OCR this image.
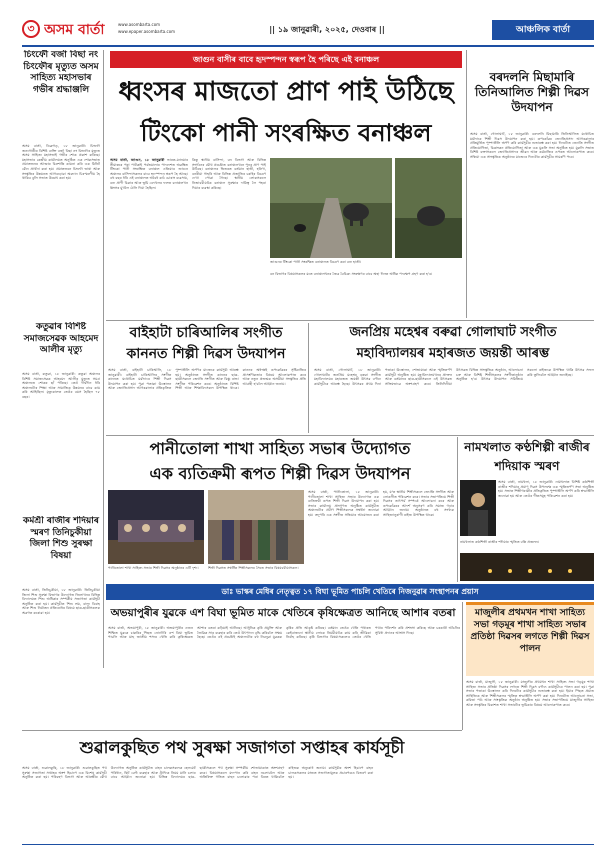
৩ অসম বাৰ্তা	www.asombarta.com
www.epaper.asombarta.com	|| ১৯ জানুৱাৰী, ২০২৫, দেওবাৰ ||	আঞ্চলিক বাৰ্তা
চিংফৌ বৰ্জা বিছা নং চিংফৌৰ মৃত্যুত অসম সাহিত্য মহাসভাৰ গভীৰ শ্ৰদ্ধাঞ্জলি
অসম বাৰ্তা, ডিব্ৰুগড়, ১৮ জানুৱাৰী: চিংফৌ জনগোষ্ঠীৰ বিশিষ্ট ব্যক্তি বৰ্জা বিছা নং চিংফৌৰ মৃত্যুত অসম সাহিত্য মহাসভাই গভীৰ শোক প্ৰকাশ কৰিছে। মহাসভাৰ কেন্দ্ৰীয় কাৰ্যালয়ত অনুষ্ঠিত এক শোকসভাত প্ৰয়াতজনৰ আত্মাৰ চিৰশান্তি কামনা কৰি এক মিনিট মৌন প্ৰাৰ্থনা কৰা হয়। প্ৰয়াতজনে চিংফৌ ভাষা আৰু সংস্কৃতিৰ উন্নয়নত আগবঢ়োৱা অৱদান চিৰস্মৰণীয় হৈ থাকিব বুলি সভাত উল্লেখ কৰা হয়।
কতুৱাৰ বিশিষ্ট সমাজসেৱক আহমেদ আলীৰ মৃত্যু
অসম বাৰ্তা, কতুৱা, ১৮ জানুৱাৰী: কতুৱা অঞ্চলৰ বিশিষ্ট সমাজসেৱক আহমেদ আলীৰ মৃত্যুত সমগ্ৰ অঞ্চলতে শোকৰ ছাঁ পৰিছে। তেওঁ দীৰ্ঘদিন ধৰি অঞ্চলটোৰ শিক্ষা আৰু সামাজিক উন্নয়নৰ বাবে কাম কৰি আহিছিল। মৃত্যুকালত তেওঁৰ বয়স হৈছিল ৭৮ বছৰ।
কৰ্মশ্ৰী ৰাজীৰ শদিয়াৰ স্মৰণ তিনিচুকীয়া জিলা শিশু সুৰক্ষা বিষয়া
অসম বাৰ্তা, তিনিচুকীয়া, ১৮ জানুৱাৰী: তিনিচুকীয়া জিলা শিশু সুৰক্ষা বিভাগৰ উদ্যোগত জিলাখনৰ বিভিন্ন বিদ্যালয়ত শিশু অধিকাৰ সম্পৰ্কীয় সজাগতা কাৰ্যসূচী অনুষ্ঠিত কৰা হয়। কাৰ্যসূচীত শিশু শ্ৰম, বাল্য বিবাহ আৰু শিশু নিৰ্যাতন প্ৰতিৰোধৰ বিষয়ে ছাত্ৰ-ছাত্ৰীসকলক অৱগত কৰোৱা হয়।
জাগুন বাসীৰ বাবে হৃদস্পন্দন স্বৰূপ হৈ পৰিছে এই বনাঞ্চল
ধ্বংসৰ মাজতো প্ৰাণ পাই উঠিছে
টিংকো পানী সংৰক্ষিত বনাঞ্চল
অসম বাৰ্তা, জাগুন, ১৮ জানুৱাৰী ভাৰত-ম্যানমাৰ সীমান্তৰে পৰা পাটকাই পৰ্বতমালাৰ পাদদেশত অৱস্থিত টিংকো পানী সংৰক্ষিত বনাঞ্চল এতিয়াও জাগুন অঞ্চলৰ বাসিন্দাসকলৰ বাবে হৃদস্পন্দন স্বৰূপ হৈ আছে। বহু বছৰ ধৰি এই বনাঞ্চলত অবৈধ কাঠ চোৰাং ব্যৱসায়, বন্য প্ৰাণী চিকাৰ আৰু ভূমি বেদখলৰ ফলত বনাঞ্চলখন ধ্বংসৰ মুখলৈ ঠেলি দিয়া হৈছিল।
কিন্তু স্থানীয় বাসিন্দা, বন বিভাগ আৰু বিভিন্ন সংগঠনৰ যৌথ প্ৰচেষ্টাত বনাঞ্চলখনে পুনৰ প্ৰাণ পাই উঠিছে। বনাঞ্চলৰ ভিতৰত বৰ্তমান হাতী, হৰিণা, বনৰীয়া গাহৰি আৰু বিভিন্ন প্ৰজাতিৰ চৰাইৰ বিচৰণ দেখা পোৱা গৈছে। স্থানীয় লোকসকলে নিজাববীয়াকৈ বনাঞ্চল সুৰক্ষাৰ দায়িত্ব লৈ পহৰা দিয়াৰ ব্যৱস্থা কৰিছে।
জাগুনৰ টিংকো পানী সংৰক্ষিত বনাঞ্চলত বিচৰণ কৰা বন্য হাতী।
বন বিভাগৰ বিষয়াসকলৰ মতে বনাঞ্চলখনৰ জৈৱ বৈচিত্ৰ্য সংৰক্ষণৰ বাবে অহা দিনত অধিক পদক্ষেপ গ্ৰহণ কৰা হ'ব।
বৰদলনি মিছামাৰি তিনিআলিত শিল্পী দিৱস উদযাপন
অসম বাৰ্তা, গোলাঘাট, ১৮ জানুৱাৰী: বৰদলনি মিছামাৰি তিনিআলিত যথোচিত মৰ্যাদাৰে শিল্পী দিৱস উদযাপন কৰা হয়। ৰূপকোঁৱৰ জ্যোতিপ্ৰসাদ আগৰৱালাৰ প্ৰতিমূৰ্তিত পুষ্পাঞ্জলি অৰ্পণ কৰি কাৰ্যসূচীৰ শুভাৰম্ভ কৰা হয়। দিনটোত জ্যোতি সংগীত প্ৰতিযোগিতা, চিত্ৰাংকন প্ৰতিযোগিতা আৰু এক মুকলি সভা অনুষ্ঠিত হয়। মুকলি সভাত বিশিষ্ট বক্তাসকলে জ্যোতিপ্ৰসাদৰ জীৱন আৰু কৰ্মৰাজিৰ ওপৰত আলোকপাত কৰে। সন্ধিয়া এক সাংস্কৃতিক অনুষ্ঠানৰ মাজেৰে দিনটোৰ কাৰ্যসূচীৰ সামৰণি পৰে।
বাইহাটা চাৰিআলিৰ সংগীত
কাননত শিল্পী দিৱস উদযাপন
অসম বাৰ্তা, বাইহাটা চাৰিআলি, ১৮ জানুৱাৰী: বাইহাটা চাৰিআলিৰ সংগীত কাননত যথোচিত মৰ্যাদাৰে শিল্পী দিৱস উদযাপন কৰা হয়। পুৱা পতাকা উত্তোলন আৰু জ্যোতিপ্ৰসাদ আগৰৱালাৰ প্ৰতিকৃতিত পুষ্পাঞ্জলি অৰ্পণৰ মাজেৰে কাৰ্যসূচী আৰম্ভ হয়। অনুষ্ঠানত সংগীত কাননৰ ছাত্ৰ-ছাত্ৰীসকলে জ্যোতি সংগীত আৰু বিষ্ণু ৰাভা সংগীত পৰিৱেশন কৰে। অনুষ্ঠানত বিশিষ্ট শিল্পী আৰু শিক্ষাবিদসকল উপস্থিত থাকে। কাননৰ অধ্যক্ষই ৰূপকোঁৱৰৰ সৃষ্টিৰাজিৰ প্ৰাসংগিকতাৰ বিষয়ে আলোকপাত কৰে আৰু নতুন প্ৰজন্মক অসমীয়া সংস্কৃতিৰ প্ৰতি আগ্ৰহী হ'বলৈ আহ্বান জনায়।
জনপ্ৰিয় মহেশ্বৰ বৰুৱা গোলাঘাট সংগীত
মহাবিদ্যালয়ৰ মহাৰজত জয়ন্তী আৰম্ভ
অসম বাৰ্তা, গোলাঘাট, ১৮ জানুৱাৰী: গোলাঘাটৰ জনপ্ৰিয় মহেশ্বৰ বৰুৱা সংগীত মহাবিদ্যালয়ৰ মহাৰজত জয়ন্তী উৎসৱ বৰ্ণাঢ্য কাৰ্যসূচীৰে আৰম্ভ হৈছে। উৎসৱৰ প্ৰথম দিনা পতাকা উত্তোলন, শোভাযাত্ৰা আৰু স্মৃতিতৰ্পণ কাৰ্যসূচী অনুষ্ঠিত হয়। মহাবিদ্যালয়খনৰ প্ৰাক্তন আৰু বৰ্তমানৰ ছাত্ৰ-ছাত্ৰীসকলে এই উৎসৱত সক্ৰিয়ভাৱে অংশগ্ৰহণ কৰে। তিনিদিনীয়া উৎসৱত বিভিন্ন সাংস্কৃতিক অনুষ্ঠান, আলোচনা চক্ৰ আৰু বিশিষ্ট শিল্পীসকলৰ সংগীতানুষ্ঠান অনুষ্ঠিত হ'ব। উৎসৱ উদযাপন সমিতিয়ে সকলো ৰাইজকে উপস্থিত থাকি উৎসৱ সফল কৰি তুলিবলৈ আহ্বান জনাইছে।
পানীতোলা শাখা সাহিত্য সভাৰ উদ্যোগত
এক ব্যতিক্ৰমী ৰূপত শিল্পী দিৱস উদযাপন
পানীতোলা শাখা সাহিত্য সভাৰ শিল্পী দিৱসৰ অনুষ্ঠানৰ এটি দৃশ্য।	শিল্পী দিৱসত সম্বৰ্ধিত শিল্পীসকলৰ সৈতে সভাৰ বিষয়ববীয়াসকল।
অসম বাৰ্তা, পানীতোলা, ১৮ জানুৱাৰী: পানীতোলা শাখা সাহিত্য সভাৰ উদ্যোগত এক ব্যতিক্ৰমী ৰূপত শিল্পী দিৱস উদযাপন কৰা হয়। সভাৰ কাৰ্যালয় প্ৰাংগণত অনুষ্ঠিত কাৰ্যসূচীত অঞ্চলটোৰ প্ৰবীণ শিল্পীসকলক সম্বৰ্ধনা জনোৱা হয়। তদুপৰি এক সংগীত সন্ধিয়াৰ আয়োজন কৰা হয়, য'ত স্থানীয় শিল্পীসকলে জ্যোতি সংগীত আৰু লোকগীত পৰিৱেশন কৰে। সভাৰ সভাপতিয়ে শিল্পী দিৱসৰ তাৎপৰ্য সম্পৰ্কে আলোচনা কৰে আৰু ৰূপকোঁৱৰৰ আদৰ্শ অনুসৰণ কৰি সমাজ গঢ়াৰ আহ্বান জনায়। অনুষ্ঠানত বহু সংখ্যক সাহিত্যানুৰাগী ৰাইজ উপস্থিত থাকে।
নামখলাত কণ্ঠশিল্পী ৰাজীৰ শদিয়াক স্মৰণ
অসম বাৰ্তা, নামখলা, ১৮ জানুৱাৰী: নামখলাত বিশিষ্ট কণ্ঠশিল্পী ৰাজীৰ শদিয়াৰ প্ৰয়াণ দিৱস উপলক্ষে এক স্মৃতিতৰ্পণ সভা অনুষ্ঠিত হয়। সভাত শিল্পীগৰাকীৰ প্ৰতিকৃতিত পুষ্পাঞ্জলি অৰ্পণ কৰি শ্ৰদ্ধাঞ্জলি জনোৱা হয় আৰু তেওঁৰ গীতসমূহ পৰিৱেশন কৰা হয়।
নামখলাত কণ্ঠশিল্পী ৰাজীৰ শদিয়াৰ স্মৃতিত বন্তি প্ৰজ্বলন।
ডাঃ ভাস্কৰ মেধিৰ নেতৃত্বত ১৭ বিঘা ভূমিত পাচলি খেতিৰে নিজনুৱাৰ সংস্থাপনৰ প্ৰয়াস
অভয়াপুৰীৰ যুৱকে এশ বিঘা ভূমিত মাকে খেতিৰে কৃষিক্ষেত্ৰত আনিছে আশাৰ বতৰা
অসম বাৰ্তা, অভয়াপুৰী, ১৮ জানুৱাৰী: অভয়াপুৰীৰ এজন শিক্ষিত যুৱকে চাকৰিৰ পিছত নোদৌৰি এশ বিঘা ভূমিত পাচলি আৰু মাহ জাতীয় শস্যৰ খেতি কৰি কৃষিক্ষেত্ৰত আশাৰ বতৰা কঢ়িয়াই আনিছে। আধুনিক কৃষি প্ৰযুক্তি আৰু জৈৱিক সাৰ ব্যৱহাৰ কৰি তেওঁ উৎপাদন বৃদ্ধি কৰিবলৈ সক্ষম হৈছে। তেওঁৰ এই প্ৰচেষ্টাই অঞ্চলটোৰ বহু নিবনুৱা যুৱকক কৃষিৰ প্ৰতি আকৃষ্ট কৰিছে। বৰ্তমান তেওঁৰ খেতি পথাৰত কেইবাজনো স্থানীয় লোকে নিয়মীয়াকৈ কাম কৰি জীৱিকা নিৰ্বাহ কৰিছে। কৃষি বিভাগৰ বিষয়াসকলেও তেওঁৰ খেতি পথাৰ পৰিদৰ্শন কৰি প্ৰশংসা কৰিছে আৰু চৰকাৰী আঁচনিৰ সুবিধা প্ৰদানৰ আশ্বাস দিছে।
মাজুলীৰ প্ৰথমখন শাখা সাহিত্য সভা গড়মূৰ শাখা সাহিত্য সভাৰ প্ৰতিষ্ঠা দিৱসৰ লগতে শিল্পী দিৱস পালন
অসম বাৰ্তা, মাজুলী, ১৮ জানুৱাৰী: মাজুলীৰ প্ৰথমখন শাখা সাহিত্য সভা গড়মূৰ শাখা সাহিত্য সভাৰ প্ৰতিষ্ঠা দিৱসৰ লগতে শিল্পী দিৱস বৰ্ণাঢ্য কাৰ্যসূচীৰে পালন কৰা হয়। পুৱা সভাৰ পতাকা উত্তোলন কৰি দিনটোৰ কাৰ্যসূচীৰ শুভাৰম্ভ কৰা হয়। ইয়াৰ পিছত প্ৰয়াত সাহিত্যিক আৰু শিল্পীসকলৰ স্মৃতিত শ্ৰদ্ধাঞ্জলি অৰ্পণ কৰা হয়। দিনটোত আলোচনা সভা, কবিতা পাঠ আৰু সাংস্কৃতিক অনুষ্ঠান অনুষ্ঠিত হয়। সভাৰ সভাপতিয়ে মাজুলীৰ সাহিত্য আৰু সংস্কৃতিৰ বিকাশত শাখা সভাটোৰ ভূমিকাৰ বিষয়ে আলোকপাত কৰে।
শুৱালকুছিত পথ সুৰক্ষা সজাগতা সপ্তাহৰ কাৰ্যসূচী
অসম বাৰ্তা, শুৱালকুছি, ১৮ জানুৱাৰী: শুৱালকুছিত পথ সুৰক্ষা সজাগতা সপ্তাহৰ অংশ হিচাপে এক বিশেষ কাৰ্যসূচী অনুষ্ঠিত কৰা হয়। পৰিবহণ বিভাগ আৰু আৰক্ষীৰ যৌথ উদ্যোগত অনুষ্ঠিত কাৰ্যসূচীত বাহন চালকসকলক হেলমেট পৰিধান, ছিট বেল্ট ব্যৱহাৰ আৰু ট্ৰাফিক নিয়ম মানি চলাৰ বাবে আহ্বান জনোৱা হয়। বিভিন্ন বিদ্যালয়ৰ ছাত্ৰ-ছাত্ৰীসকলে পথ সুৰক্ষা সম্পৰ্কীয় শোভাযাত্ৰাত অংশগ্ৰহণ কৰে। বিষয়াসকলে মদ্যপান কৰি বাহন নচলাবলৈ আৰু অতিৰিক্ত গতিত বাহন চলোৱাৰ পৰা বিৰত থাকিবলৈ ৰাইজক অনুৰোধ জনায়। কাৰ্যসূচীৰ অংশ হিচাপে বাহন চালকসকলৰ মাজত সজাগতামূলক প্ৰচাৰপত্ৰও বিতৰণ কৰা হয়।
